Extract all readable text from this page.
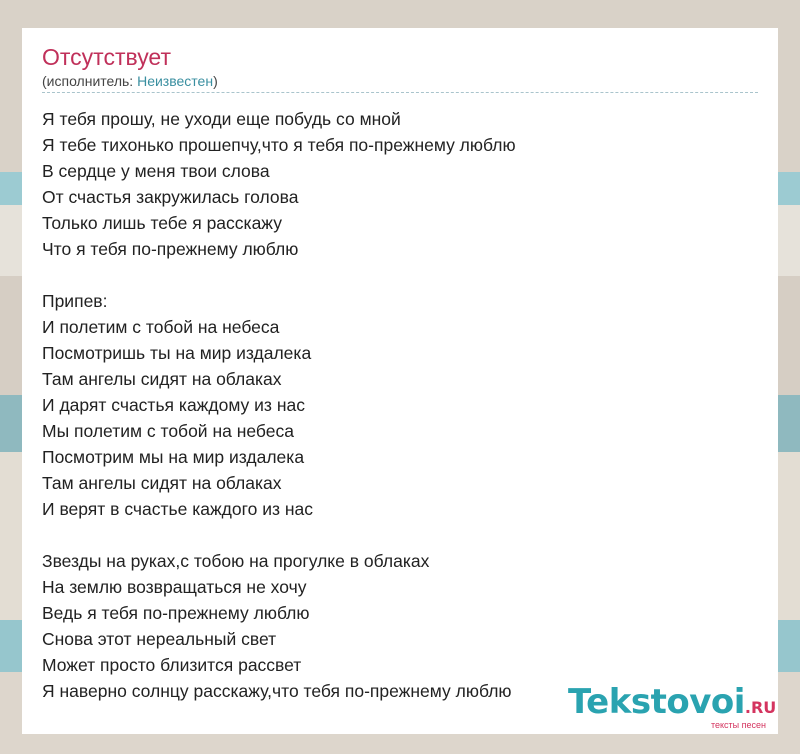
Отсутствует
(исполнитель: Неизвестен)
Я тебя прошу, не уходи еще побудь со мной
Я тебе тихонько прошепчу,что я тебя по-прежнему люблю
В сердце у меня твои слова
От счастья закружилась голова
Только лишь тебе я расскажу
Что я тебя по-прежнему люблю
Припев:
И полетим с тобой на небеса
Посмотришь ты на мир издалека
Там ангелы сидят на облаках
И дарят счастья каждому из нас
Мы полетим с тобой на небеса
Посмотрим мы на мир издалека
Там ангелы сидят на облаках
И верят в счастье каждого из нас
Звезды на руках,с тобою на прогулке в облаках
На землю возвращаться не хочу
Ведь я тебя по-прежнему люблю
Снова этот нереальный свет
Может просто близится рассвет
Я наверно солнцу расскажу,что тебя по-прежнему люблю	Tekstovoi.RU
тексты песен
